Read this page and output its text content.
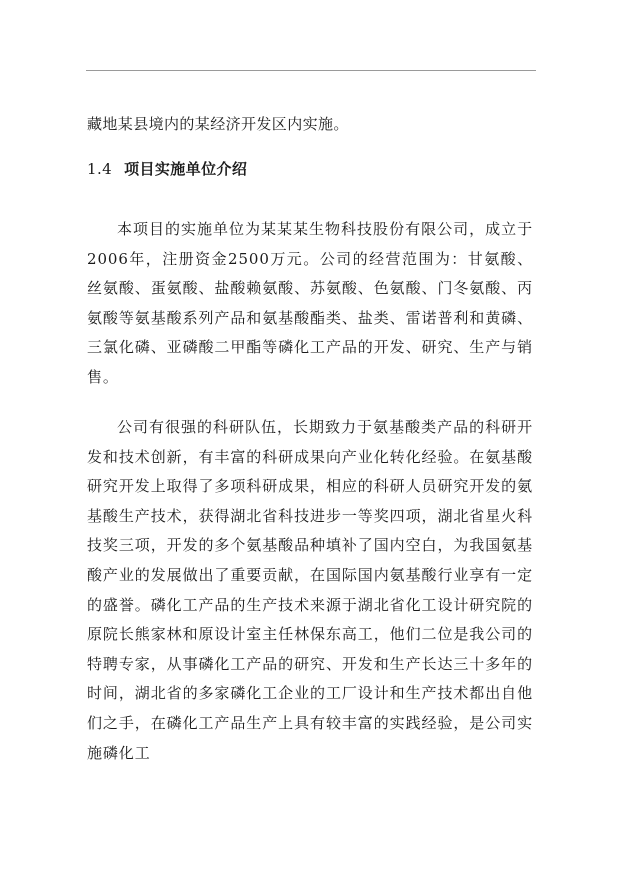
藏地某县境内的某经济开发区内实施。

1.4 项目实施单位介绍

本项目的实施单位为某某某生物科技股份有限公司，成立于2006年，注册资金2500万元。公司的经营范围为：甘氨酸、丝氨酸、蛋氨酸、盐酸赖氨酸、苏氨酸、色氨酸、门冬氨酸、丙氨酸等氨基酸系列产品和氨基酸酯类、盐类、雷诺普利和黄磷、三氯化磷、亚磷酸二甲酯等磷化工产品的开发、研究、生产与销售。

公司有很强的科研队伍，长期致力于氨基酸类产品的科研开发和技术创新，有丰富的科研成果向产业化转化经验。在氨基酸研究开发上取得了多项科研成果，相应的科研人员研究开发的氨基酸生产技术，获得湖北省科技进步一等奖四项，湖北省星火科技奖三项，开发的多个氨基酸品种填补了国内空白，为我国氨基酸产业的发展做出了重要贡献，在国际国内氨基酸行业享有一定的盛誉。磷化工产品的生产技术来源于湖北省化工设计研究院的原院长熊家林和原设计室主任林保东高工，他们二位是我公司的特聘专家，从事磷化工产品的研究、开发和生产长达三十多年的时间，湖北省的多家磷化工企业的工厂设计和生产技术都出自他们之手，在磷化工产品生产上具有较丰富的实践经验，是公司实施磷化工
